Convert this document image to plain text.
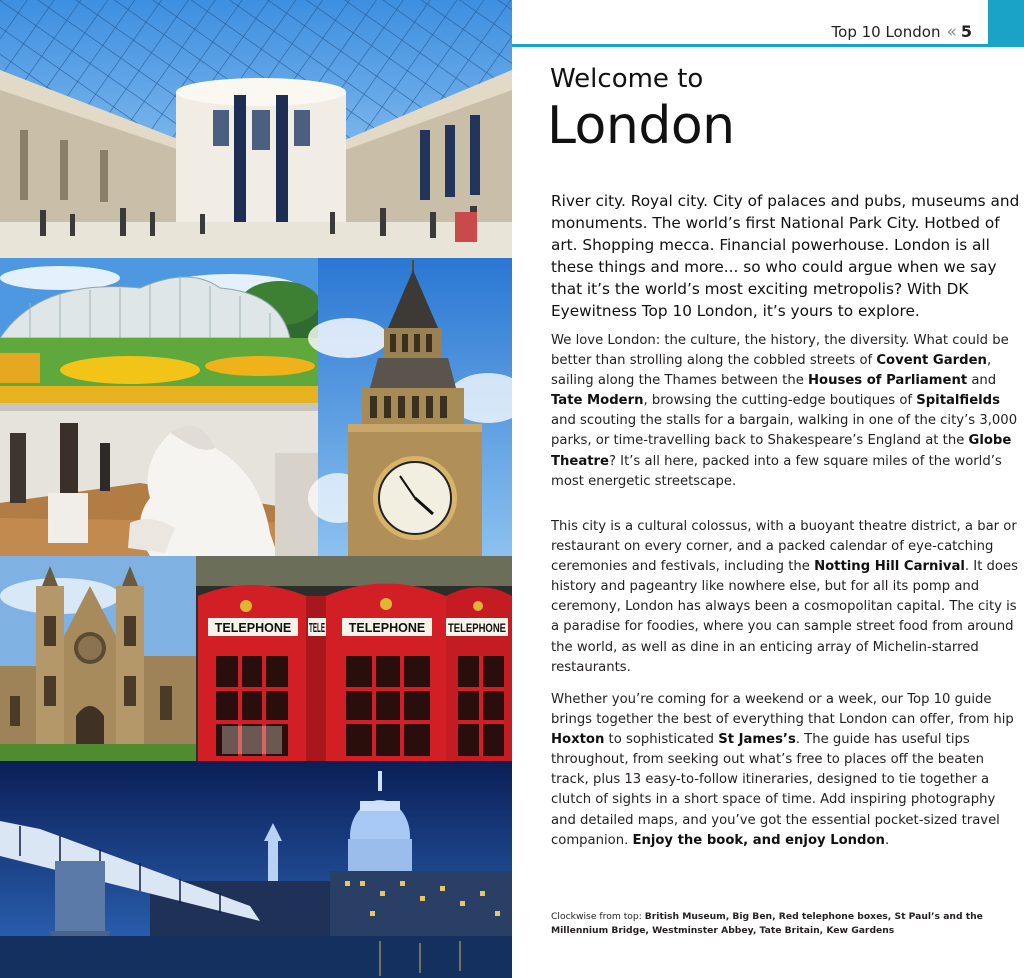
TELEPHONE TELE TELEPHONE TELEPHONE
Top 10 London « 5
Welcome to
London
River city. Royal city. City of palaces and pubs, museums and monuments. The world’s first National Park City. Hotbed of art. Shopping mecca. Financial powerhouse. London is all these things and more... so who could argue when we say that it’s the world’s most exciting metropolis? With DK Eyewitness Top 10 London, it’s yours to explore.
We love London: the culture, the history, the diversity. What could be better than strolling along the cobbled streets of Covent Garden, sailing along the Thames between the Houses of Parliament and Tate Modern, browsing the cutting-edge boutiques of Spitalfields and scouting the stalls for a bargain, walking in one of the city’s 3,000 parks, or time-travelling back to Shakespeare’s England at the Globe Theatre? It’s all here, packed into a few square miles of the world’s most energetic streetscape.
This city is a cultural colossus, with a buoyant theatre district, a bar or restaurant on every corner, and a packed calendar of eye-catching ceremonies and festivals, including the Notting Hill Carnival. It does history and pageantry like nowhere else, but for all its pomp and ceremony, London has always been a cosmopolitan capital. The city is a paradise for foodies, where you can sample street food from around the world, as well as dine in an enticing array of Michelin-starred restaurants.
Whether you’re coming for a weekend or a week, our Top 10 guide brings together the best of everything that London can offer, from hip Hoxton to sophisticated St James’s. The guide has useful tips throughout, from seeking out what’s free to places off the beaten track, plus 13 easy-to-follow itineraries, designed to tie together a clutch of sights in a short space of time. Add inspiring photography and detailed maps, and you’ve got the essential pocket-sized travel companion. Enjoy the book, and enjoy London.
Clockwise from top: British Museum, Big Ben, Red telephone boxes, St Paul’s and the Millennium Bridge, Westminster Abbey, Tate Britain, Kew Gardens
